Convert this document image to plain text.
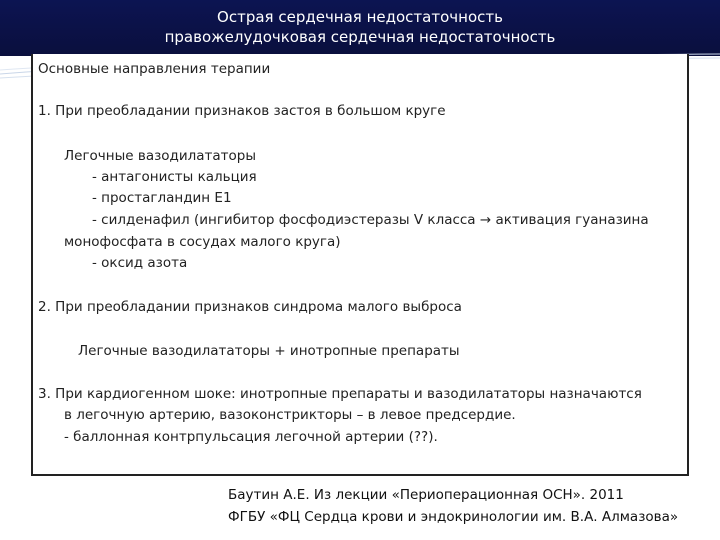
Острая сердечная недостаточность
правожелудочковая сердечная недостаточность
Основные направления терапии
1. При преобладании признаков застоя в большом круге
Легочные вазодилататоры
- антагонисты кальция
- простагландин Е1
- силденафил (ингибитор фосфодиэстеразы V класса → активация гуаназина
монофосфата в сосудах малого круга)
- оксид азота
2. При преобладании признаков синдрома малого выброса
Легочные вазодилататоры + инотропные препараты
3. При кардиогенном шоке: инотропные препараты и вазодилататоры назначаются
в легочную артерию, вазоконстрикторы – в левое предсердие.
- баллонная контрпульсация легочной артерии (??).
Баутин А.Е. Из лекции «Периоперационная ОСН». 2011
ФГБУ «ФЦ Сердца крови и эндокринологии им. В.А. Алмазова»
